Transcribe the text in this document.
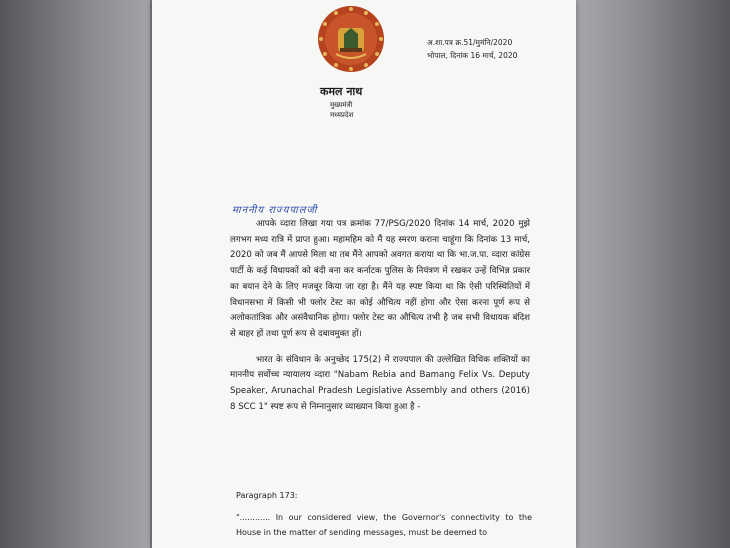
अ.शा.पत्र क्र.51/मुमंनि/2020
भोपाल, दिनांक 16 मार्च, 2020
कमल नाथ
मुख्यमंत्री
मध्यप्रदेश
माननीय राज्यपालजी

आपके व्दारा लिखा गया पत्र क्रमांक 77/PSG/2020 दिनांक 14 मार्च, 2020 मुझे लगभग मध्य रात्रि में प्राप्त हुआ। महामहिम को मैं यह स्मरण कराना चाहूंगा कि दिनांक 13 मार्च, 2020 को जब मैं आपसे मिला था तब मैंने आपको अवगत कराया था कि भा.ज.पा. व्दारा कांग्रेस पार्टी के कई विधायकों को बंदी बना कर कर्नाटक पुलिस के नियंत्रण में रखकर उन्हें विभिन्न प्रकार का बयान देने के लिए मजबूर किया जा रहा है। मैंने यह स्पष्ट किया था कि ऐसी परिस्थितियों में विधानसभा में किसी भी फ्लोर टेस्ट का कोई औचित्य नहीं होगा और ऐसा करना पूर्ण रूप से अलोकतांत्रिक और असंवैधानिक होगा। फ्लोर टेस्ट का औचित्य तभी है जब सभी विधायक बंदिश से बाहर हों तथा पूर्ण रूप से दबावमुक्त हों।

भारत के संविधान के अनुच्छेद 175(2) में राज्यपाल की उल्लेखित विधिक शक्तियों का माननीय सर्वोच्च न्यायालय व्दारा "Nabam Rebia and Bamang Felix Vs. Deputy Speaker, Arunachal Pradesh Legislative Assembly and others (2016) 8 SCC 1" स्पष्ट रूप से निम्नानुसार व्याख्यान किया हुआ है -

Paragraph 173:
"............ In our considered view, the Governor's connectivity to the House in the matter of sending messages, must be deemed to
